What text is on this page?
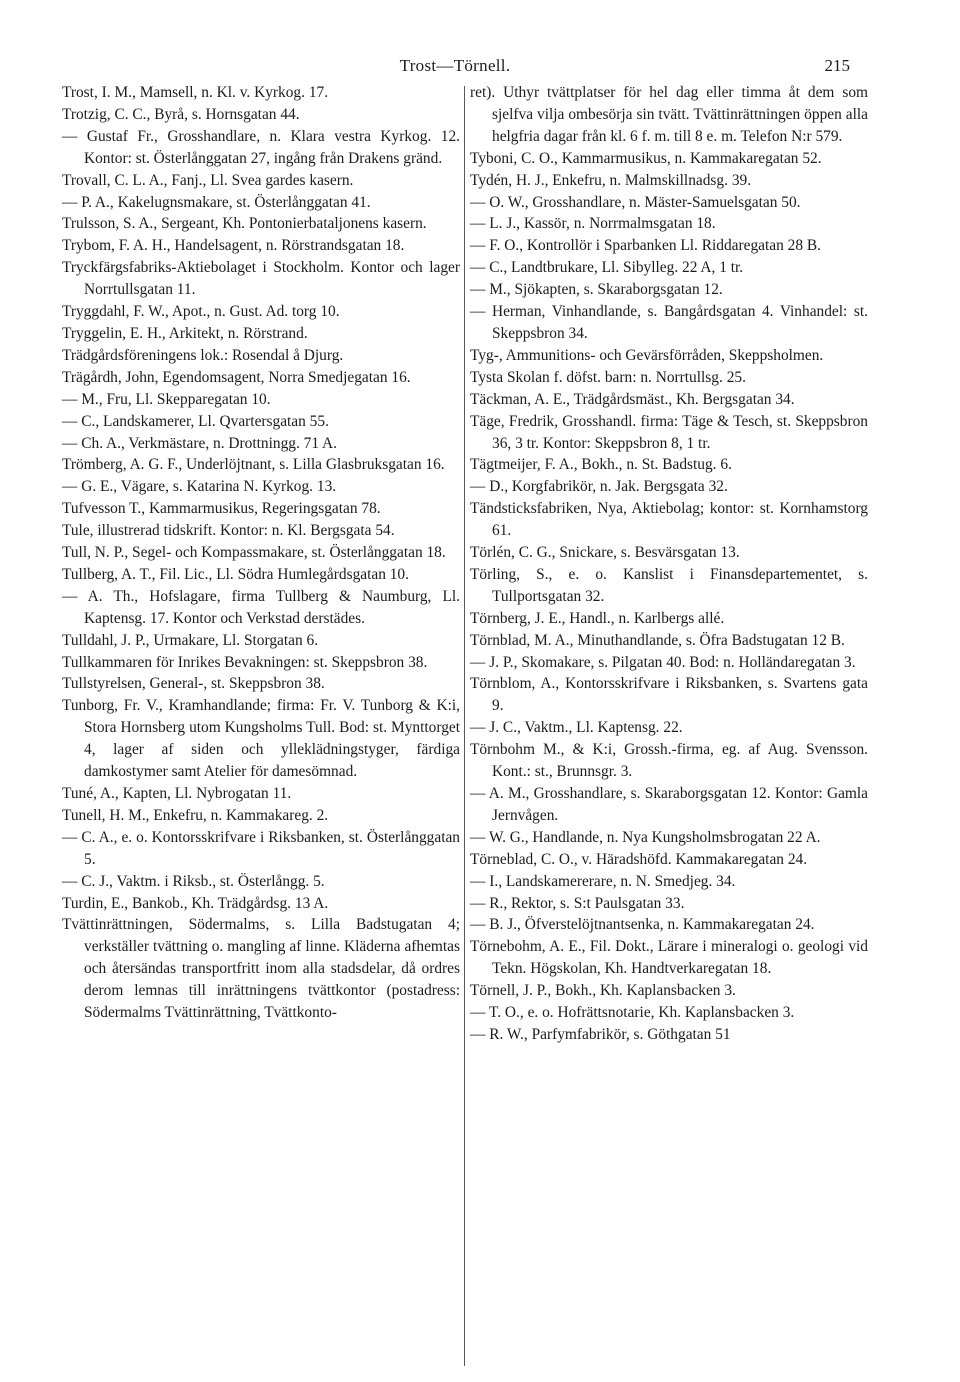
Trost—Törnell.	215
Trost, I. M., Mamsell, n. Kl. v. Kyrkog. 17.
Trotzig, C. C., Byrå, s. Hornsgatan 44.
— Gustaf Fr., Grosshandlare, n. Klara vestra Kyrkog. 12. Kontor: st. Österlånggatan 27, ingång från Drakens gränd.
Trovall, C. L. A., Fanj., Ll. Svea gardes kasern.
— P. A., Kakelugnsmakare, st. Österlånggatan 41.
Trulsson, S. A., Sergeant, Kh. Pontonierbataljonens kasern.
Trybom, F. A. H., Handelsagent, n. Rörstrandsgatan 18.
Tryckfärgsfabriks-Aktiebolaget i Stockholm. Kontor och lager Norrtullsgatan 11.
Tryggdahl, F. W., Apot., n. Gust. Ad. torg 10.
Tryggelin, E. H., Arkitekt, n. Rörstrand.
Trädgårdsföreningens lok.: Rosendal å Djurg.
Trägårdh, John, Egendomsagent, Norra Smedjegatan 16.
— M., Fru, Ll. Skepparegatan 10.
— C., Landskamerer, Ll. Qvartersgatan 55.
— Ch. A., Verkmästare, n. Drottningg. 71 A.
Trömberg, A. G. F., Underlöjtnant, s. Lilla Glasbruksgatan 16.
— G. E., Vägare, s. Katarina N. Kyrkog. 13.
Tufvesson T., Kammarmusikus, Regeringsgatan 78.
Tule, illustrerad tidskrift. Kontor: n. Kl. Bergsgata 54.
Tull, N. P., Segel- och Kompassmakare, st. Österlånggatan 18.
Tullberg, A. T., Fil. Lic., Ll. Södra Humlegårdsgatan 10.
— A. Th., Hofslagare, firma Tullberg & Naumburg, Ll. Kaptensg. 17. Kontor och Verkstad derstädes.
Tulldahl, J. P., Urmakare, Ll. Storgatan 6.
Tullkammaren för Inrikes Bevakningen: st. Skeppsbron 38.
Tullstyrelsen, General-, st. Skeppsbron 38.
Tunborg, Fr. V., Kramhandlande; firma: Fr. V. Tunborg & K:i, Stora Hornsberg utom Kungsholms Tull. Bod: st. Mynttorget 4, lager af siden och ylleklädningstyger, färdiga damkostymer samt Atelier för damesömnad.
Tuné, A., Kapten, Ll. Nybrogatan 11.
Tunell, H. M., Enkefru, n. Kammakareg. 2.
— C. A., e. o. Kontorsskrifvare i Riksbanken, st. Österlånggatan 5.
— C. J., Vaktm. i Riksb., st. Österlångg. 5.
Turdin, E., Bankob., Kh. Trädgårdsg. 13 A.
Tvättinrättningen, Södermalms, s. Lilla Badstugatan 4; verkställer tvättning o. mangling af linne. Kläderna afhemtas och återsändas transportfritt inom alla stadsdelar, då ordres derom lemnas till inrättningens tvättkontor (postadress: Södermalms Tvättinrättning, Tvättkonto-
ret). Uthyr tvättplatser för hel dag eller timma åt dem som sjelfva vilja ombesörja sin tvätt. Tvättinrättningen öppen alla helgfria dagar från kl. 6 f. m. till 8 e. m. Telefon N:r 579.
Tyboni, C. O., Kammarmusikus, n. Kammakaregatan 52.
Tydén, H. J., Enkefru, n. Malmskillnadsg. 39.
— O. W., Grosshandlare, n. Mäster-Samuelsgatan 50.
— L. J., Kassör, n. Norrmalmsgatan 18.
— F. O., Kontrollör i Sparbanken Ll. Riddaregatan 28 B.
— C., Landtbrukare, Ll. Sibylleg. 22 A, 1 tr.
— M., Sjökapten, s. Skaraborgsgatan 12.
— Herman, Vinhandlande, s. Bangårdsgatan 4. Vinhandel: st. Skeppsbron 34.
Tyg-, Ammunitions- och Gevärsförråden, Skeppsholmen.
Tysta Skolan f. döfst. barn: n. Norrtullsg. 25.
Täckman, A. E., Trädgårdsmäst., Kh. Bergsgatan 34.
Täge, Fredrik, Grosshandl. firma: Täge & Tesch, st. Skeppsbron 36, 3 tr. Kontor: Skeppsbron 8, 1 tr.
Tägtmeijer, F. A., Bokh., n. St. Badstug. 6.
— D., Korgfabrikör, n. Jak. Bergsgata 32.
Tändsticksfabriken, Nya, Aktiebolag; kontor: st. Kornhamstorg 61.
Törlén, C. G., Snickare, s. Besvärsgatan 13.
Törling, S., e. o. Kanslist i Finansdepartementet, s. Tullportsgatan 32.
Törnberg, J. E., Handl., n. Karlbergs allé.
Törnblad, M. A., Minuthandlande, s. Öfra Badstugatan 12 B.
— J. P., Skomakare, s. Pilgatan 40. Bod: n. Holländaregatan 3.
Törnblom, A., Kontorsskrifvare i Riksbanken, s. Svartens gata 9.
— J. C., Vaktm., Ll. Kaptensg. 22.
Törnbohm M., & K:i, Grossh.-firma, eg. af Aug. Svensson. Kont.: st., Brunnsgr. 3.
— A. M., Grosshandlare, s. Skaraborgsgatan 12. Kontor: Gamla Jernvågen.
— W. G., Handlande, n. Nya Kungsholmsbrogatan 22 A.
Törneblad, C. O., v. Häradshöfd. Kammakaregatan 24.
— I., Landskamererare, n. N. Smedjeg. 34.
— R., Rektor, s. S:t Paulsgatan 33.
— B. J., Öfverstelöjtnantsenka, n. Kammakaregatan 24.
Törnebohm, A. E., Fil. Dokt., Lärare i mineralogi o. geologi vid Tekn. Högskolan, Kh. Handtverkaregatan 18.
Törnell, J. P., Bokh., Kh. Kaplansbacken 3.
— T. O., e. o. Hofrättsnotarie, Kh. Kaplansbacken 3.
— R. W., Parfymfabrikör, s. Göthgatan 51
